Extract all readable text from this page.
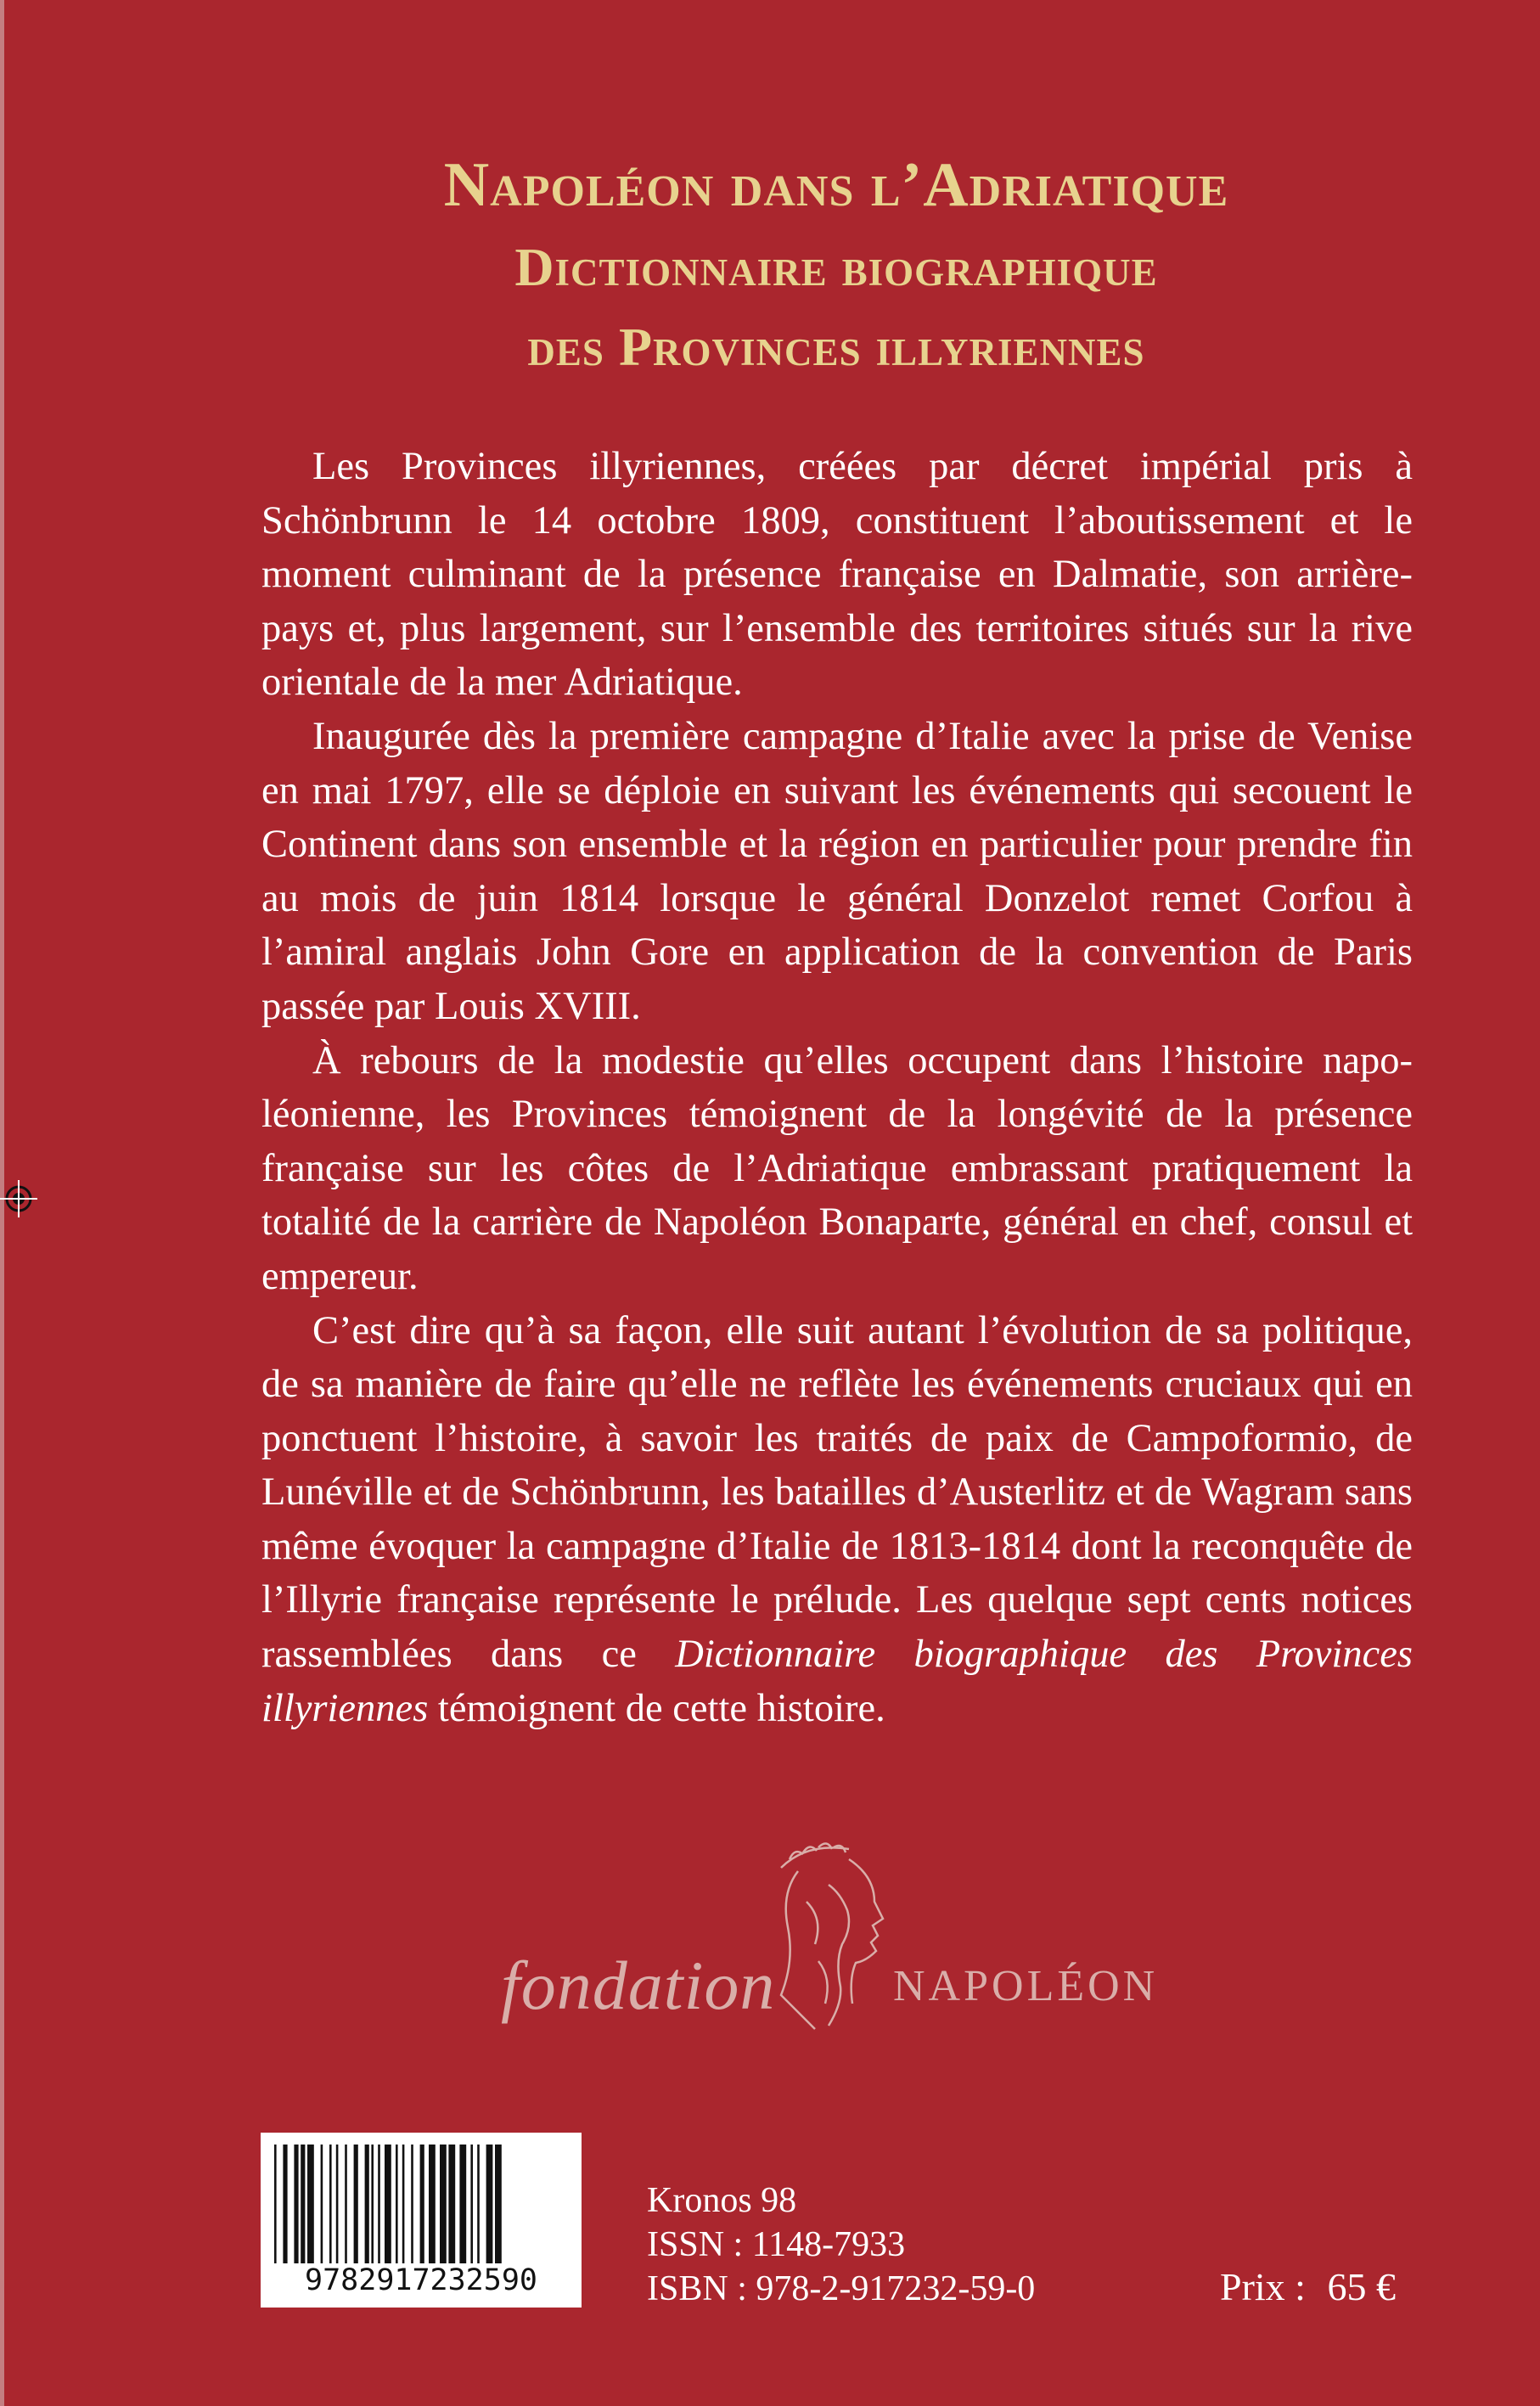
Napoléon dans l’Adriatique
Dictionnaire biographique
des Provinces illyriennes

Les Provinces illyriennes, créées par décret impérial pris à Schönbrunn le 14 octobre 1809, constituent l’aboutissement et le moment culminant de la présence française en Dalmatie, son arrière-pays et, plus largement, sur l’ensemble des territoires situés sur la rive orientale de la mer Adriatique.

Inaugurée dès la première campagne d’Italie avec la prise de Venise en mai 1797, elle se déploie en suivant les événements qui secouent le Continent dans son ensemble et la région en particulier pour prendre fin au mois de juin 1814 lorsque le général Donzelot remet Corfou à l’amiral anglais John Gore en application de la convention de Paris passée par Louis XVIII.

À rebours de la modestie qu’elles occupent dans l’histoire napoléonienne, les Provinces témoignent de la longévité de la présence française sur les côtes de l’Adriatique embrassant pratiquement la totalité de la carrière de Napoléon Bonaparte, général en chef, consul et empereur.

C’est dire qu’à sa façon, elle suit autant l’évolution de sa politique, de sa manière de faire qu’elle ne reflète les événements cruciaux qui en ponctuent l’histoire, à savoir les traités de paix de Campoformio, de Lunéville et de Schönbrunn, les batailles d’Austerlitz et de Wagram sans même évoquer la campagne d’Italie de 1813-1814 dont la reconquête de l’Illyrie française représente le prélude. Les quelque sept cents notices rassemblées dans ce Dictionnaire biographique des Provinces illyriennes témoignent de cette histoire.

fondation	NAPOLÉON
9782917232590
Kronos 98
ISSN : 1148-7933
ISBN : 978-2-917232-59-0	Prix : 65 €
